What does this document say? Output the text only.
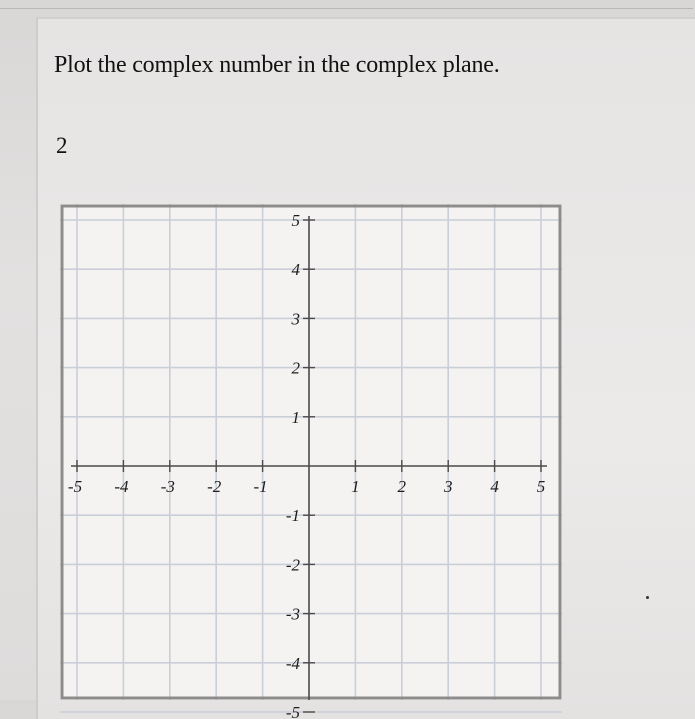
Plot the complex number in the complex plane.
2
-5 -4 -3 -2 -1	1 2 3 4 5
5
4
3
2
1
-1
-2
-3
-4
-5
